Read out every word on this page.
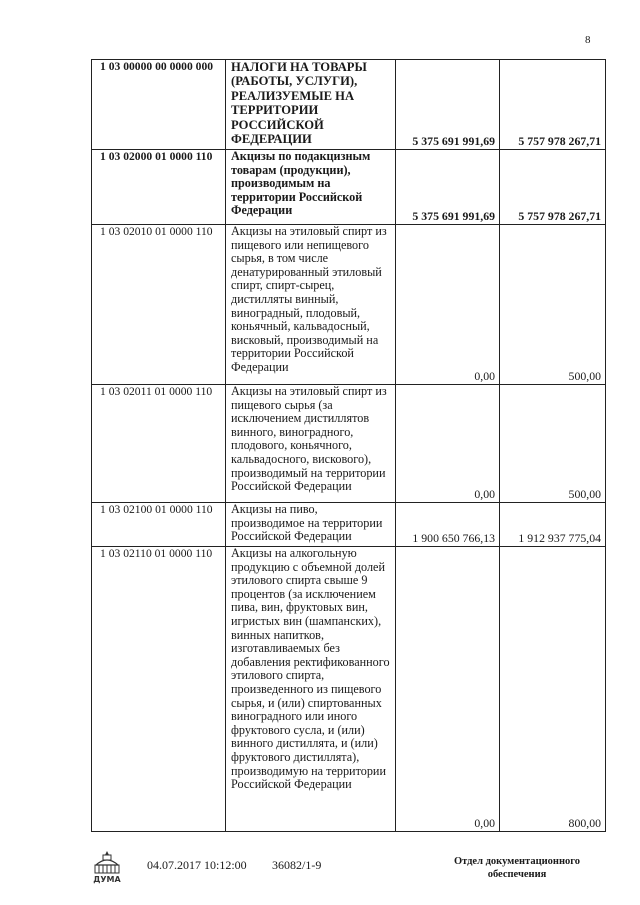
8
1 03 00000 00 0000 000	НАЛОГИ НА ТОВАРЫ (РАБОТЫ, УСЛУГИ), РЕАЛИЗУЕМЫЕ НА ТЕРРИТОРИИ РОССИЙСКОЙ ФЕДЕРАЦИИ	5 375 691 991,69	5 757 978 267,71
1 03 02000 01 0000 110	Акцизы по подакцизным товарам (продукции), производимым на территории Российской Федерации	5 375 691 991,69	5 757 978 267,71
1 03 02010 01 0000 110	Акцизы на этиловый спирт из пищевого или непищевого сырья, в том числе денатурированный этиловый спирт, спирт-сырец, дистилляты винный, виноградный, плодовый, коньячный, кальвадосный, висковый, производимый на территории Российской Федерации	0,00	500,00
1 03 02011 01 0000 110	Акцизы на этиловый спирт из пищевого сырья (за исключением дистиллятов винного, виноградного, плодового, коньячного, кальвадосного, вискового), производимый на территории Российской Федерации	0,00	500,00
1 03 02100 01 0000 110	Акцизы на пиво, производимое на территории Российской Федерации	1 900 650 766,13	1 912 937 775,04
1 03 02110 01 0000 110	Акцизы на алкогольную продукцию с объемной долей этилового спирта свыше 9 процентов (за исключением пива, вин, фруктовых вин, игристых вин (шампанских), винных напитков, изготавливаемых без добавления ректификованного этилового спирта, произведенного из пищевого сырья, и (или) спиртованных виноградного или иного фруктового сусла, и (или) винного дистиллята, и (или) фруктового дистиллята), производимую на территории Российской Федерации	0,00	800,00
ДУМА
04.07.2017 10:12:00 36082/1-9	Отдел документационного
обеспечения
